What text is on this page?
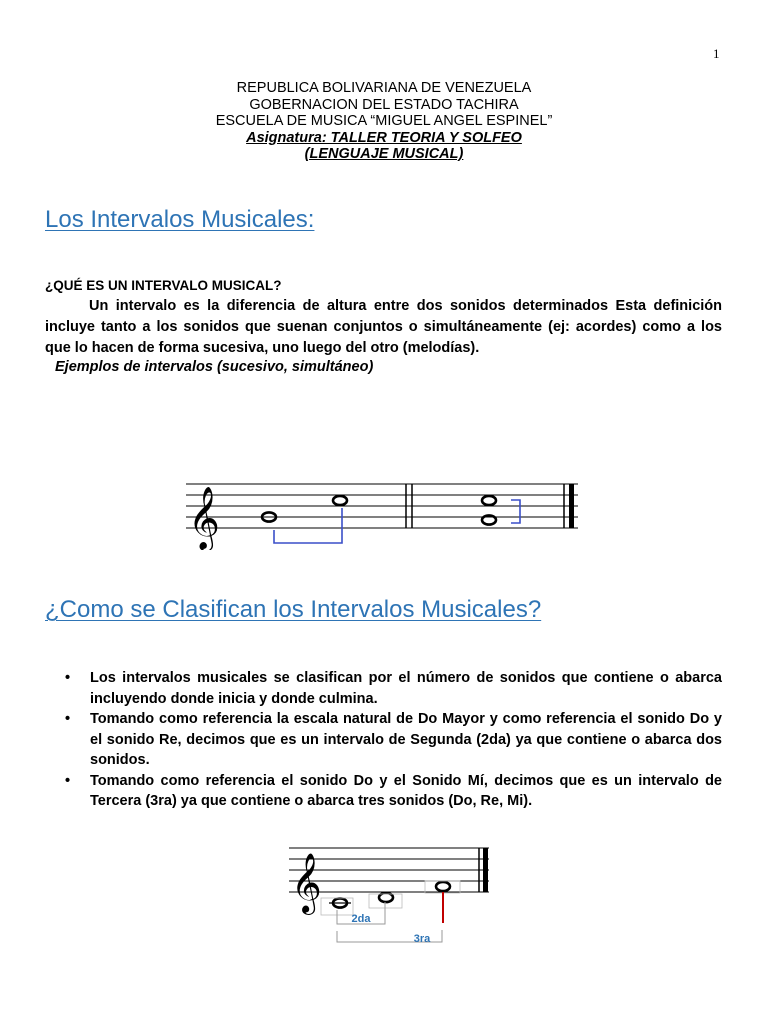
1
REPUBLICA BOLIVARIANA DE VENEZUELA
GOBERNACION DEL ESTADO TACHIRA
ESCUELA DE MUSICA “MIGUEL ANGEL ESPINEL”
Asignatura: TALLER TEORIA Y SOLFEO
(LENGUAJE MUSICAL)
Los Intervalos Musicales:
¿QUÉ ES UN INTERVALO MUSICAL?
Un intervalo es la diferencia de altura entre dos sonidos determinados Esta definición incluye tanto a los sonidos que suenan conjuntos o simultáneamente (ej: acordes) como a los que lo hacen de forma sucesiva, uno luego del otro (melodías).
Ejemplos de intervalos (sucesivo, simultáneo)
𝄞
¿Como se Clasifican los Intervalos Musicales?
• Los intervalos musicales se clasifican por el número de sonidos que contiene o abarca incluyendo donde inicia y donde culmina.
• Tomando como referencia la escala natural de Do Mayor y como referencia el sonido Do y el sonido Re, decimos que es un intervalo de Segunda (2da) ya que contiene o abarca dos sonidos.
• Tomando como referencia el sonido Do y el Sonido Mí, decimos que es un intervalo de Tercera (3ra) ya que contiene o abarca tres sonidos (Do, Re, Mi).
𝄞
2da
3ra
